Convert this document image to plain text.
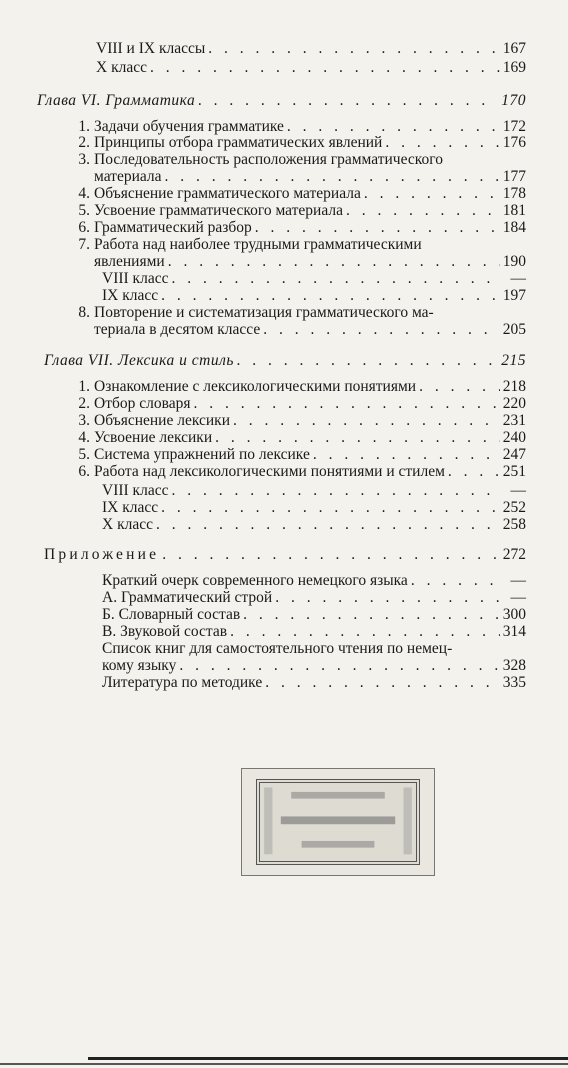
VIII и IX классы . . .	167
X класс . . .	169
Глава VI. Грамматика . . .	170
1. Задачи обучения грамматике . . .	172
2. Принципы отбора грамматических явлений . . .	176
3. Последовательность расположения грамматического
материала . . .	177
4. Объяснение грамматического материала . . .	178
5. Усвоение грамматического материала . . .	181
6. Грамматический разбор . . .	184
7. Работа над наиболее трудными грамматическими
явлениями . . .	190
VIII класс . . .	—
IX класс . . .	197
8. Повторение и систематизация грамматического ма-
териала в десятом классе . . .	205
Глава VII. Лексика и стиль . . .	215
1. Ознакомление с лексикологическими понятиями . . .	218
2. Отбор словаря . . .	220
3. Объяснение лексики . . .	231
4. Усвоение лексики . . .	240
5. Система упражнений по лексике . . .	247
6. Работа над лексикологическими понятиями и стилем . . .	251
VIII класс . . .	—
IX класс . . .	252
X класс . . .	258
Приложение . . .	272
Краткий очерк современного немецкого языка . . .	—
А. Грамматический строй . . .	—
Б. Словарный состав . . .	300
В. Звуковой состав . . .	314
Список книг для самостоятельного чтения по немец-
кому языку . . .	328
Литература по методике . . .	335
